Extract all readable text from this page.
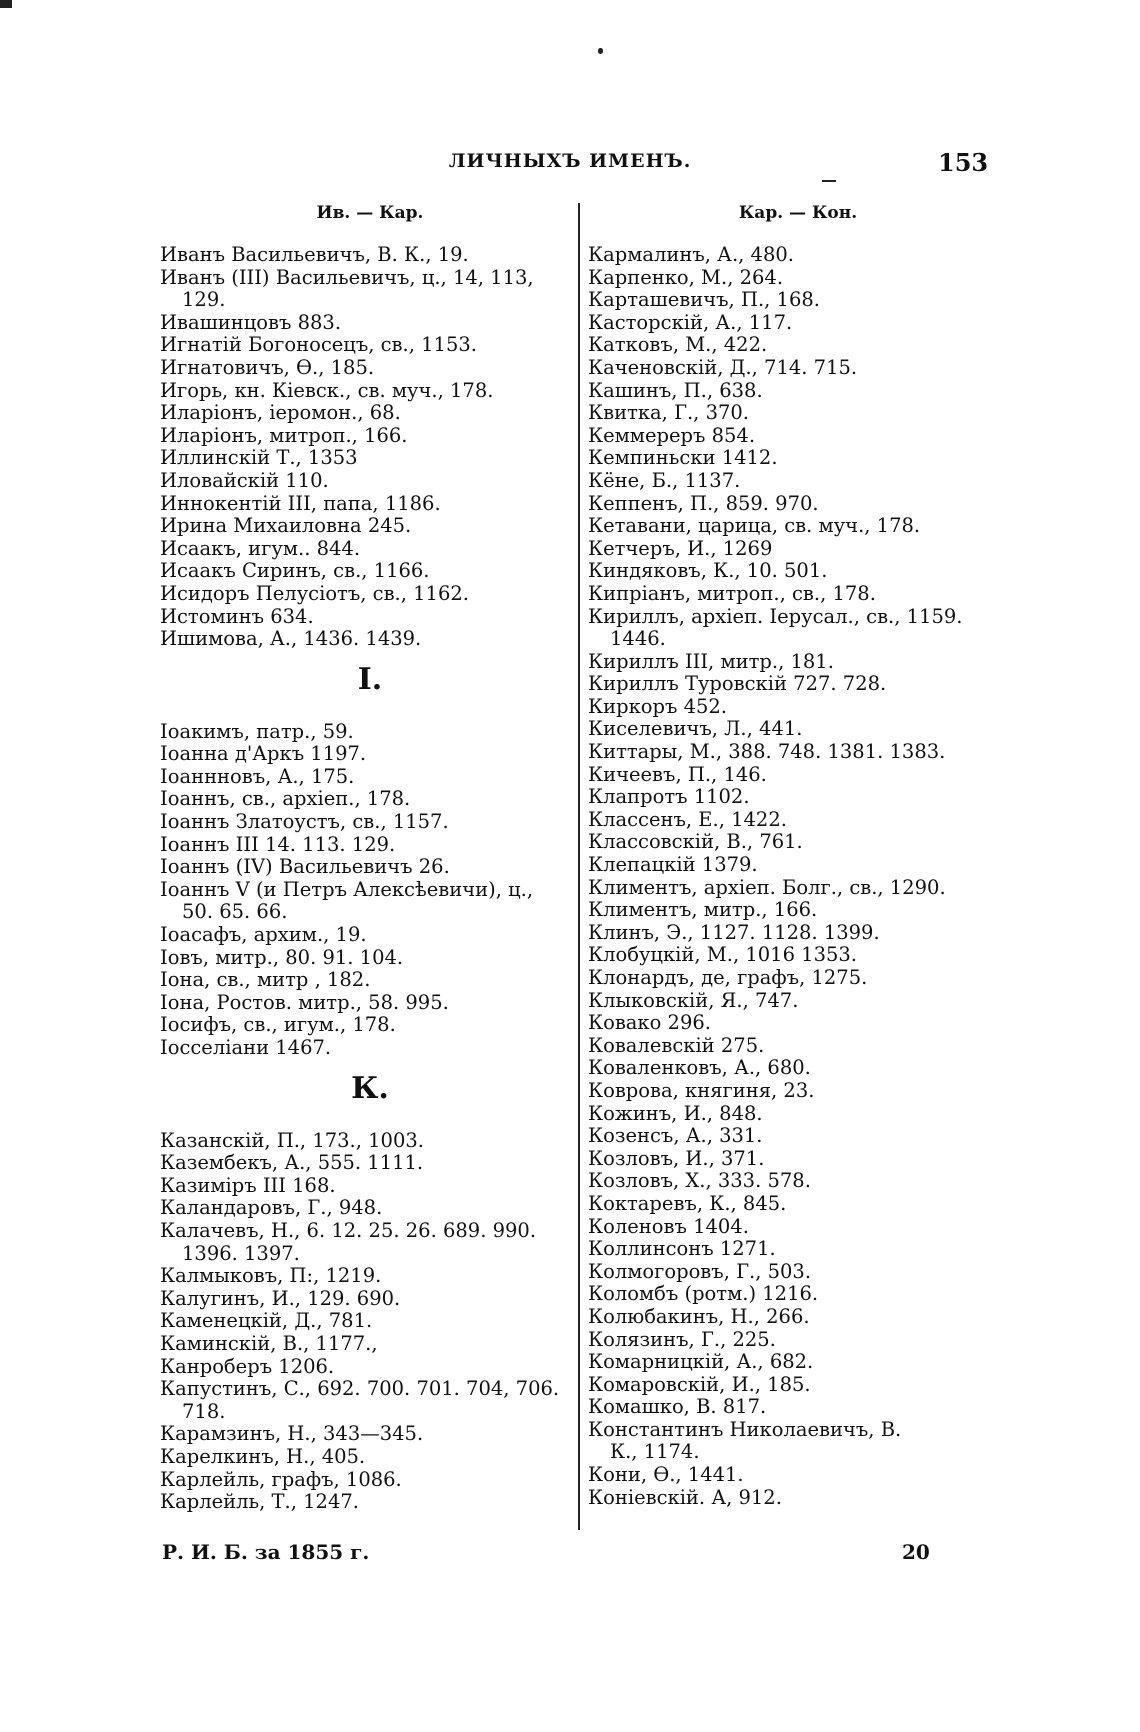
ЛИЧНЫХЪ ИМЕНЪ.	153
Ив. — Кар.
Иванъ Васильевичъ, В. К., 19.
Иванъ (III) Васильевичъ, ц., 14, 113,
129.
Ивашинцовъ 883.
Игнатій Богоносецъ, св., 1153.
Игнатовичъ, Ѳ., 185.
Игорь, кн. Кіевск., св. муч., 178.
Иларіонъ, іеромон., 68.
Иларіонъ, митроп., 166.
Иллинскій Т., 1353
Иловайскій 110.
Иннокентій III, папа, 1186.
Ирина Михаиловна 245.
Исаакъ, игум.. 844.
Исаакъ Сиринъ, св., 1166.
Исидоръ Пелусіотъ, св., 1162.
Истоминъ 634.
Ишимова, А., 1436. 1439.
І.
Іоакимъ, патр., 59.
Іоанна д'Аркъ 1197.
Іоаннновъ, А., 175.
Іоаннъ, св., архіеп., 178.
Іоаннъ Златоустъ, св., 1157.
Іоаннъ III 14. 113. 129.
Іоаннъ (IV) Васильевичъ 26.
Іоаннъ V (и Петръ Алексѣевичи), ц.,
50. 65. 66.
Іоасафъ, архим., 19.
Іовъ, митр., 80. 91. 104.
Іона, св., митр , 182.
Іона, Ростов. митр., 58. 995.
Іосифъ, св., игум., 178.
Іосселіани 1467.
К.
Казанскій, П., 173., 1003.
Казембекъ, А., 555. 1111.
Казиміръ III 168.
Каландаровъ, Г., 948.
Калачевъ, Н., 6. 12. 25. 26. 689. 990.
1396. 1397.
Калмыковъ, П:, 1219.
Калугинъ, И., 129. 690.
Каменецкій, Д., 781.
Каминскій, В., 1177.,
Канроберъ 1206.
Капустинъ, С., 692. 700. 701. 704, 706.
718.
Карамзинъ, Н., 343—345.
Карелкинъ, Н., 405.
Карлейль, графъ, 1086.
Карлейль, Т., 1247.
Кар. — Кон.
Кармалинъ, А., 480.
Карпенко, М., 264.
Карташевичъ, П., 168.
Касторскій, А., 117.
Катковъ, М., 422.
Каченовскій, Д., 714. 715.
Кашинъ, П., 638.
Квитка, Г., 370.
Кеммереръ 854.
Кемпиньски 1412.
Кёне, Б., 1137.
Кеппенъ, П., 859. 970.
Кетавани, царица, св. муч., 178.
Кетчеръ, И., 1269
Киндяковъ, К., 10. 501.
Кипріанъ, митроп., св., 178.
Кириллъ, архіеп. Іерусал., св., 1159.
1446.
Кириллъ III, митр., 181.
Кириллъ Туровскій 727. 728.
Киркоръ 452.
Киселевичъ, Л., 441.
Киттары, М., 388. 748. 1381. 1383.
Кичеевъ, П., 146.
Клапротъ 1102.
Классенъ, Е., 1422.
Классовскій, В., 761.
Клепацкій 1379.
Климентъ, архіеп. Болг., св., 1290.
Климентъ, митр., 166.
Клинъ, Э., 1127. 1128. 1399.
Клобуцкій, М., 1016 1353.
Клонардъ, де, графъ, 1275.
Клыковскій, Я., 747.
Ковако 296.
Ковалевскій 275.
Коваленковъ, А., 680.
Коврова, княгиня, 23.
Кожинъ, И., 848.
Козенсъ, А., 331.
Козловъ, И., 371.
Козловъ, Х., 333. 578.
Коктаревъ, К., 845.
Коленовъ 1404.
Коллинсонъ 1271.
Колмогоровъ, Г., 503.
Коломбъ (ротм.) 1216.
Колюбакинъ, Н., 266.
Колязинъ, Г., 225.
Комарницкій, А., 682.
Комаровскій, И., 185.
Комашко, В. 817.
Константинъ Николаевичъ, В.
К., 1174.
Кони, Ѳ., 1441.
Коніевскій. А, 912.
Р. И. Б. за 1855 г.	20
